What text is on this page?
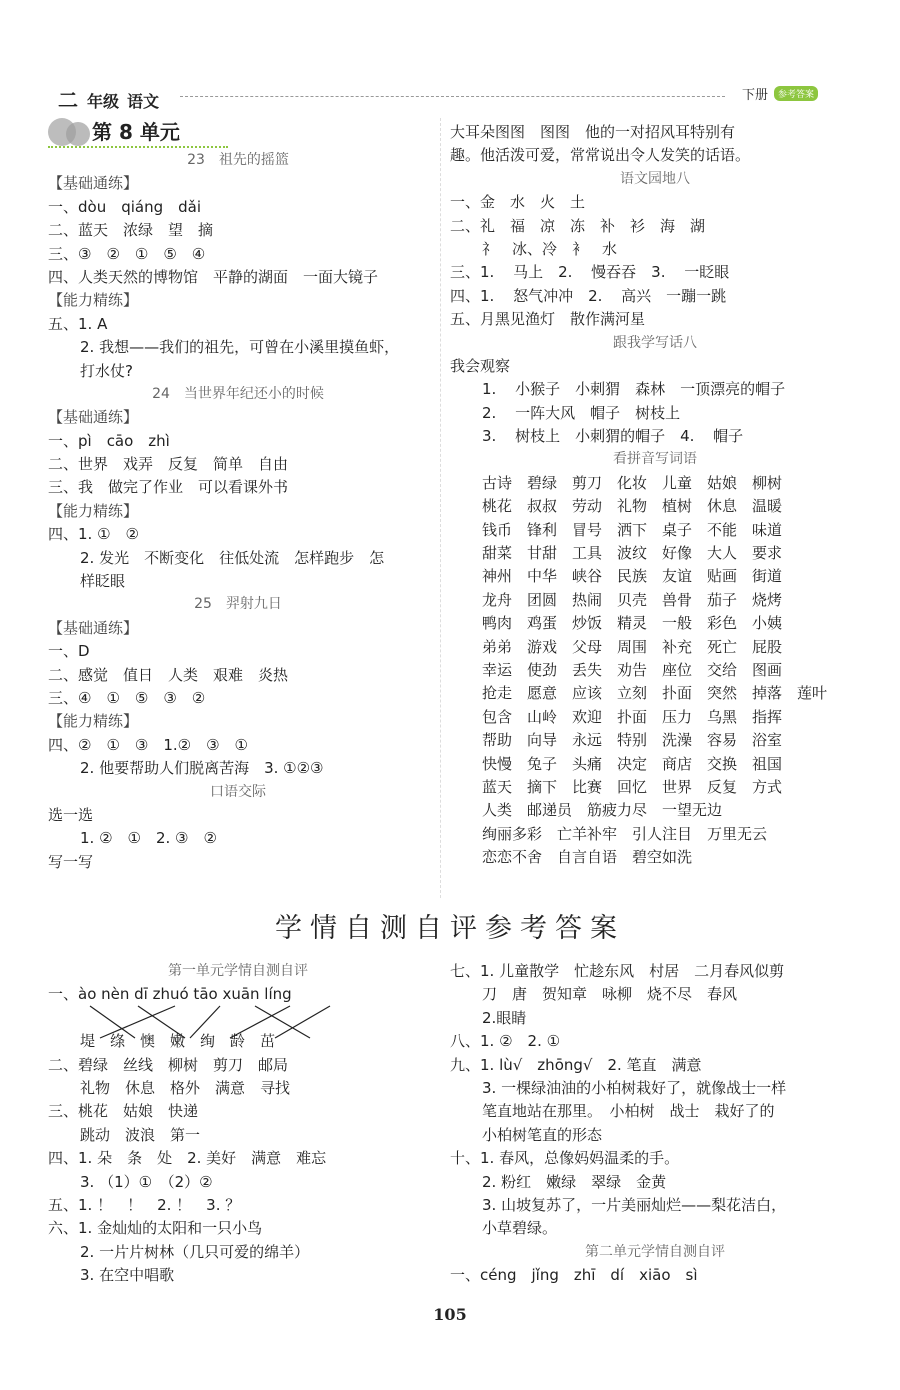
二 年级 语文	下册	参考答案
第 8 单元
23　祖先的摇篮
【基础通练】
一、dòu　qiáng　dǎi
二、蓝天　浓绿　望　摘
三、③　②　①　⑤　④
四、人类天然的博物馆　平静的湖面　一面大镜子
【能力精练】
五、1. A
2. 我想——我们的祖先，可曾在小溪里摸鱼虾，
打水仗?
24　当世界年纪还小的时候
【基础通练】
一、pì　cāo　zhì
二、世界　戏弄　反复　简单　自由
三、我　做完了作业　可以看课外书
【能力精练】
四、1. ①　②
2. 发光　不断变化　往低处流　怎样跑步　怎
样眨眼
25　羿射九日
【基础通练】
一、D
二、感觉　值日　人类　艰难　炎热
三、④　①　⑤　③　②
【能力精练】
四、②　①　③　1.②　③　①
2. 他要帮助人们脱离苦海　3. ①②③
口语交际
选一选
1. ②　①　2. ③　②
写一写
大耳朵图图　图图　他的一对招风耳特别有
趣。他活泼可爱，常常说出令人发笑的话语。
语文园地八
一、金　水　火　土
二、礼　福　凉　冻　补　衫　海　湖
礻　冰、冷　衤　水
三、1. 马上　2. 慢吞吞　3. 一眨眼
四、1. 怒气冲冲　2. 高兴　一蹦一跳
五、月黑见渔灯　散作满河星
跟我学写话八
我会观察
1. 小猴子　小刺猬　森林　一顶漂亮的帽子
2. 一阵大风　帽子　树枝上
3. 树枝上　小刺猬的帽子　4. 帽子
看拼音写词语
古诗　碧绿　剪刀　化妆　儿童　姑娘　柳树
桃花　叔叔　劳动　礼物　植树　休息　温暖
钱币　锋利　冒号　洒下　桌子　不能　味道
甜菜　甘甜　工具　波纹　好像　大人　要求
神州　中华　峡谷　民族　友谊　贴画　街道
龙舟　团圆　热闹　贝壳　兽骨　茄子　烧烤
鸭肉　鸡蛋　炒饭　精灵　一般　彩色　小姨
弟弟　游戏　父母　周围　补充　死亡　屁股
幸运　使劲　丢失　劝告　座位　交给　图画
抢走　愿意　应该　立刻　扑面　突然　掉落　莲叶
包含　山岭　欢迎　扑面　压力　乌黑　指挥
帮助　向导　永远　特别　洗澡　容易　浴室
快慢　兔子　头痛　决定　商店　交换　祖国
蓝天　摘下　比赛　回忆　世界　反复　方式
人类　邮递员　筋疲力尽　一望无边
绚丽多彩　亡羊补牢　引人注目　万里无云
恋恋不舍　自言自语　碧空如洗
学情自测自评参考答案
第一单元学情自测自评
一、ào nèn dī zhuó tāo xuān líng
堤　绦　懊　嫩　绚　龄　茁
二、碧绿　丝线　柳树　剪刀　邮局
礼物　休息　格外　满意　寻找
三、桃花　姑娘　快递
跳动　波浪　第一
四、1. 朵　条　处　2. 美好　满意　难忘
3. （1）①　（2）②
五、1. ！　！　2. ！　3. ？
六、1. 金灿灿的太阳和一只小鸟
2. 一片片树林（几只可爱的绵羊）
3. 在空中唱歌
七、1. 儿童散学　忙趁东风　村居　二月春风似剪
刀　唐　贺知章　咏柳　烧不尽　春风
2.眼睛
八、1. ②　2. ①
九、1. lù√　zhōng√　2. 笔直　满意
3. 一棵绿油油的小柏树栽好了，就像战士一样
笔直地站在那里。　小柏树　战士　栽好了的
小柏树笔直的形态
十、1. 春风，总像妈妈温柔的手。
2. 粉红　嫩绿　翠绿　金黄
3. 山坡复苏了，一片美丽灿烂——梨花洁白，
小草碧绿。
第二单元学情自测自评
一、céng　jǐng　zhī　dí　xiāo　sì
105
